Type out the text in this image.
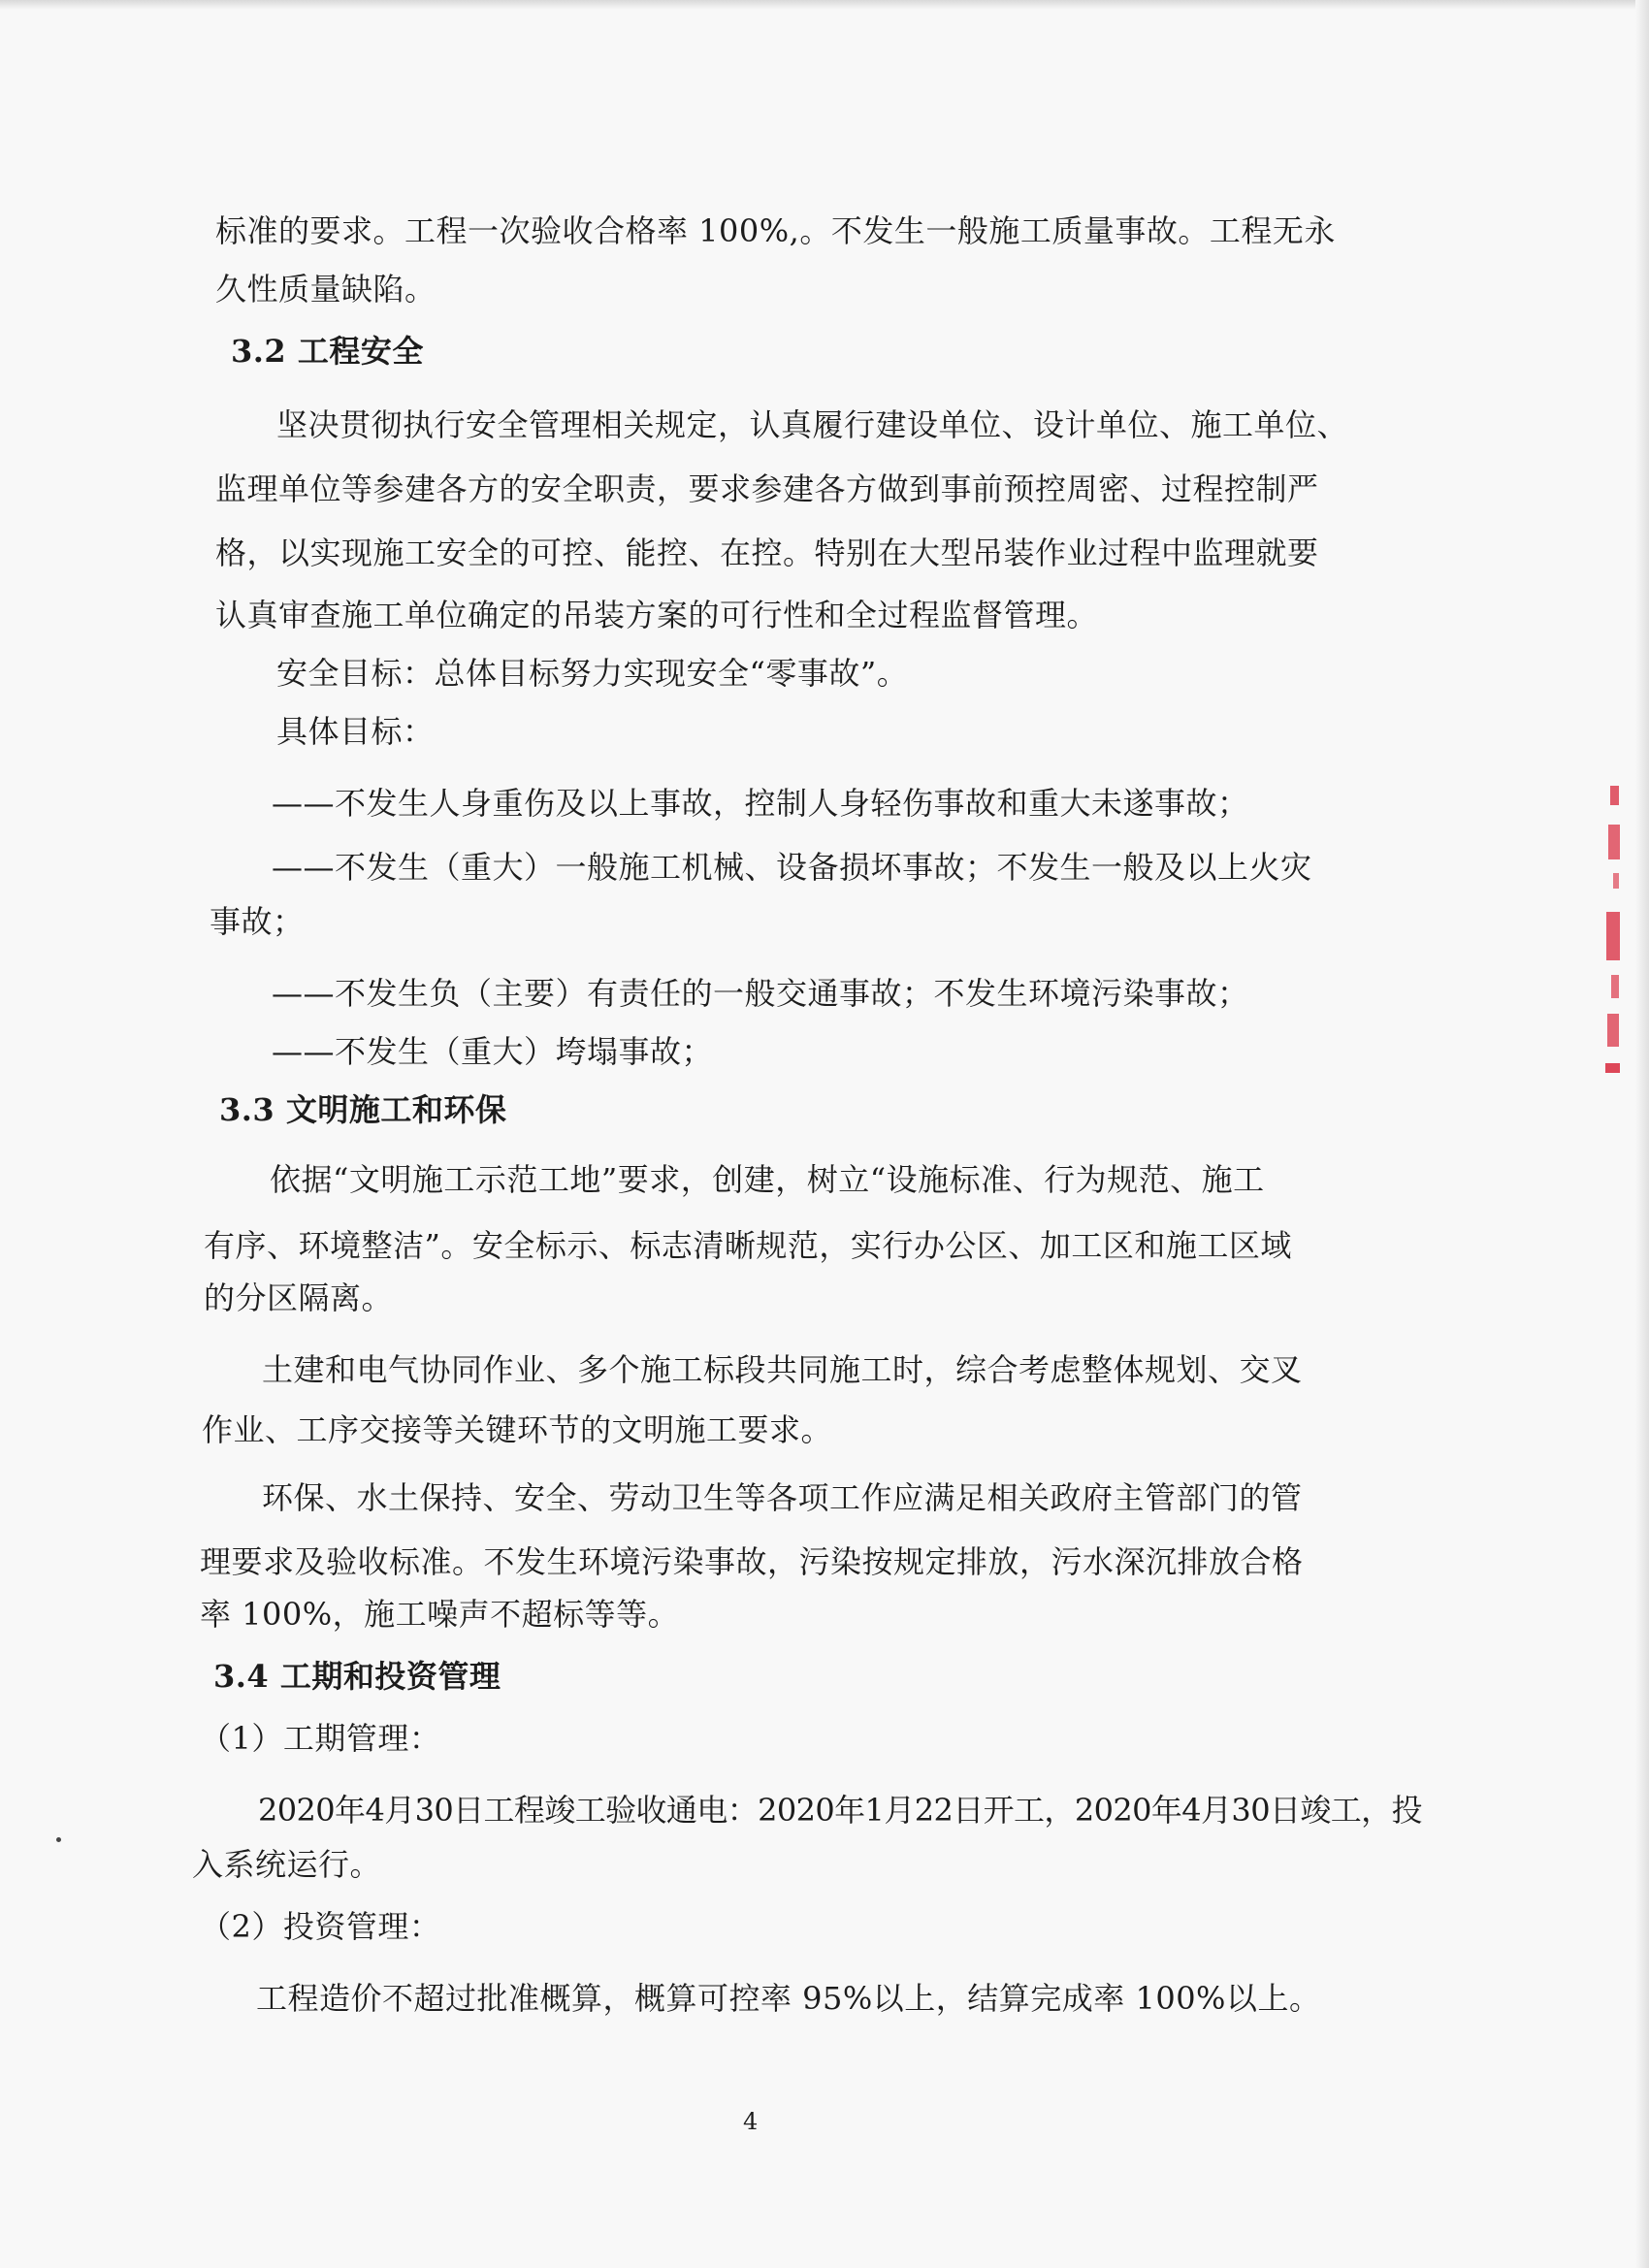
标准的要求。工程一次验收合格率 100%,。不发生一般施工质量事故。工程无永
久性质量缺陷。
3.2 工程安全
坚决贯彻执行安全管理相关规定，认真履行建设单位、设计单位、施工单位、
监理单位等参建各方的安全职责，要求参建各方做到事前预控周密、过程控制严
格，以实现施工安全的可控、能控、在控。特别在大型吊装作业过程中监理就要
认真审查施工单位确定的吊装方案的可行性和全过程监督管理。
安全目标：总体目标努力实现安全“零事故”。
具体目标：
——不发生人身重伤及以上事故，控制人身轻伤事故和重大未遂事故；
——不发生（重大）一般施工机械、设备损坏事故；不发生一般及以上火灾
事故；
——不发生负（主要）有责任的一般交通事故；不发生环境污染事故；
——不发生（重大）垮塌事故；
3.3 文明施工和环保
依据“文明施工示范工地”要求，创建，树立“设施标准、行为规范、施工
有序、环境整洁”。安全标示、标志清晰规范，实行办公区、加工区和施工区域
的分区隔离。
土建和电气协同作业、多个施工标段共同施工时，综合考虑整体规划、交叉
作业、工序交接等关键环节的文明施工要求。
环保、水土保持、安全、劳动卫生等各项工作应满足相关政府主管部门的管
理要求及验收标准。不发生环境污染事故，污染按规定排放，污水深沉排放合格
率 100%，施工噪声不超标等等。
3.4 工期和投资管理
（1）工期管理：
2020年4月30日工程竣工验收通电：2020年1月22日开工，2020年4月30日竣工，投
入系统运行。
（2）投资管理：
工程造价不超过批准概算，概算可控率 95%以上，结算完成率 100%以上。
4
